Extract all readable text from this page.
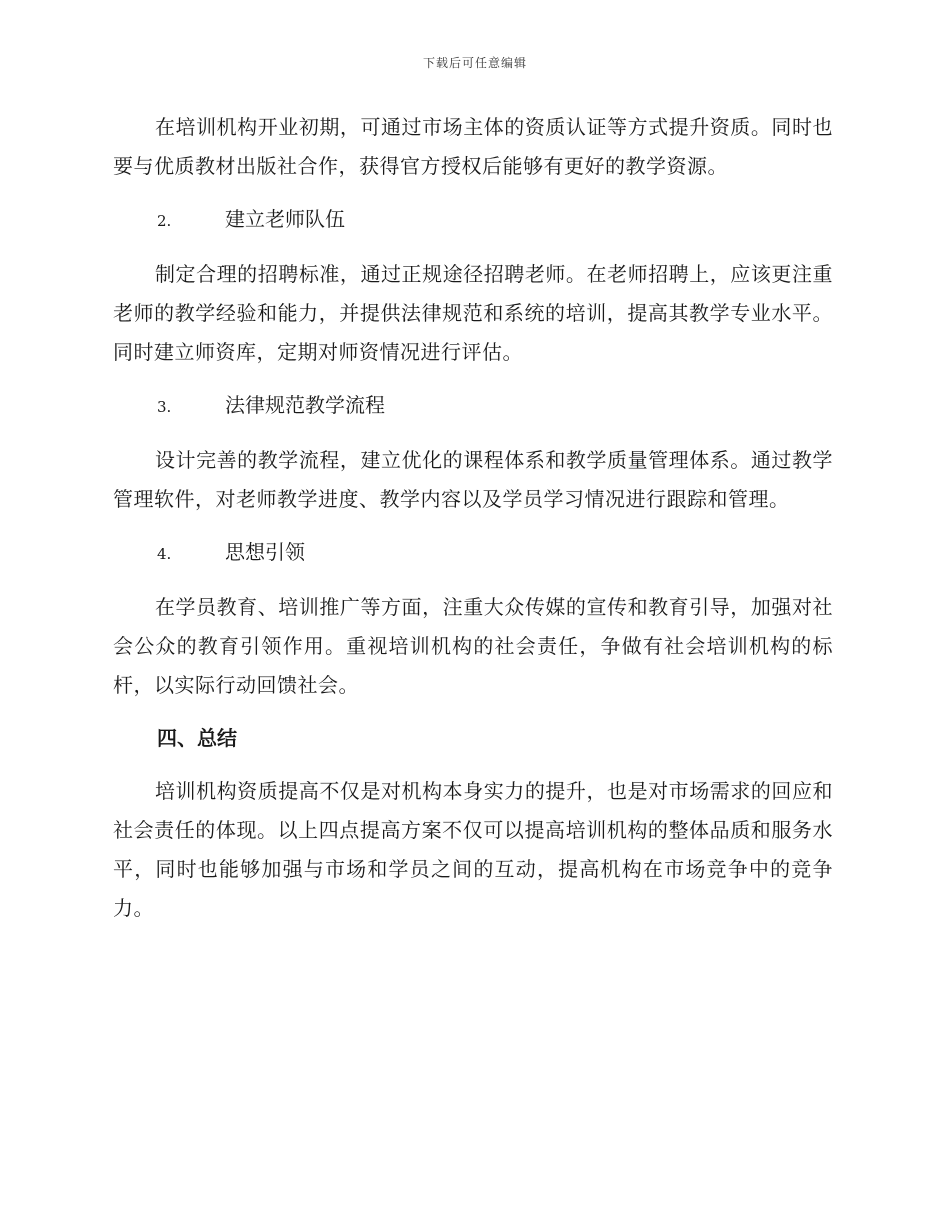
下载后可任意编辑

在培训机构开业初期，可通过市场主体的资质认证等方式提升资质。同时也要与优质教材出版社合作，获得官方授权后能够有更好的教学资源。

2.	建立老师队伍

制定合理的招聘标准，通过正规途径招聘老师。在老师招聘上，应该更注重老师的教学经验和能力，并提供法律规范和系统的培训，提高其教学专业水平。同时建立师资库，定期对师资情况进行评估。

3.	法律规范教学流程

设计完善的教学流程，建立优化的课程体系和教学质量管理体系。通过教学管理软件，对老师教学进度、教学内容以及学员学习情况进行跟踪和管理。

4.	思想引领

在学员教育、培训推广等方面，注重大众传媒的宣传和教育引导，加强对社会公众的教育引领作用。重视培训机构的社会责任，争做有社会培训机构的标杆，以实际行动回馈社会。

四、总结

培训机构资质提高不仅是对机构本身实力的提升，也是对市场需求的回应和社会责任的体现。以上四点提高方案不仅可以提高培训机构的整体品质和服务水平，同时也能够加强与市场和学员之间的互动，提高机构在市场竞争中的竞争力。
